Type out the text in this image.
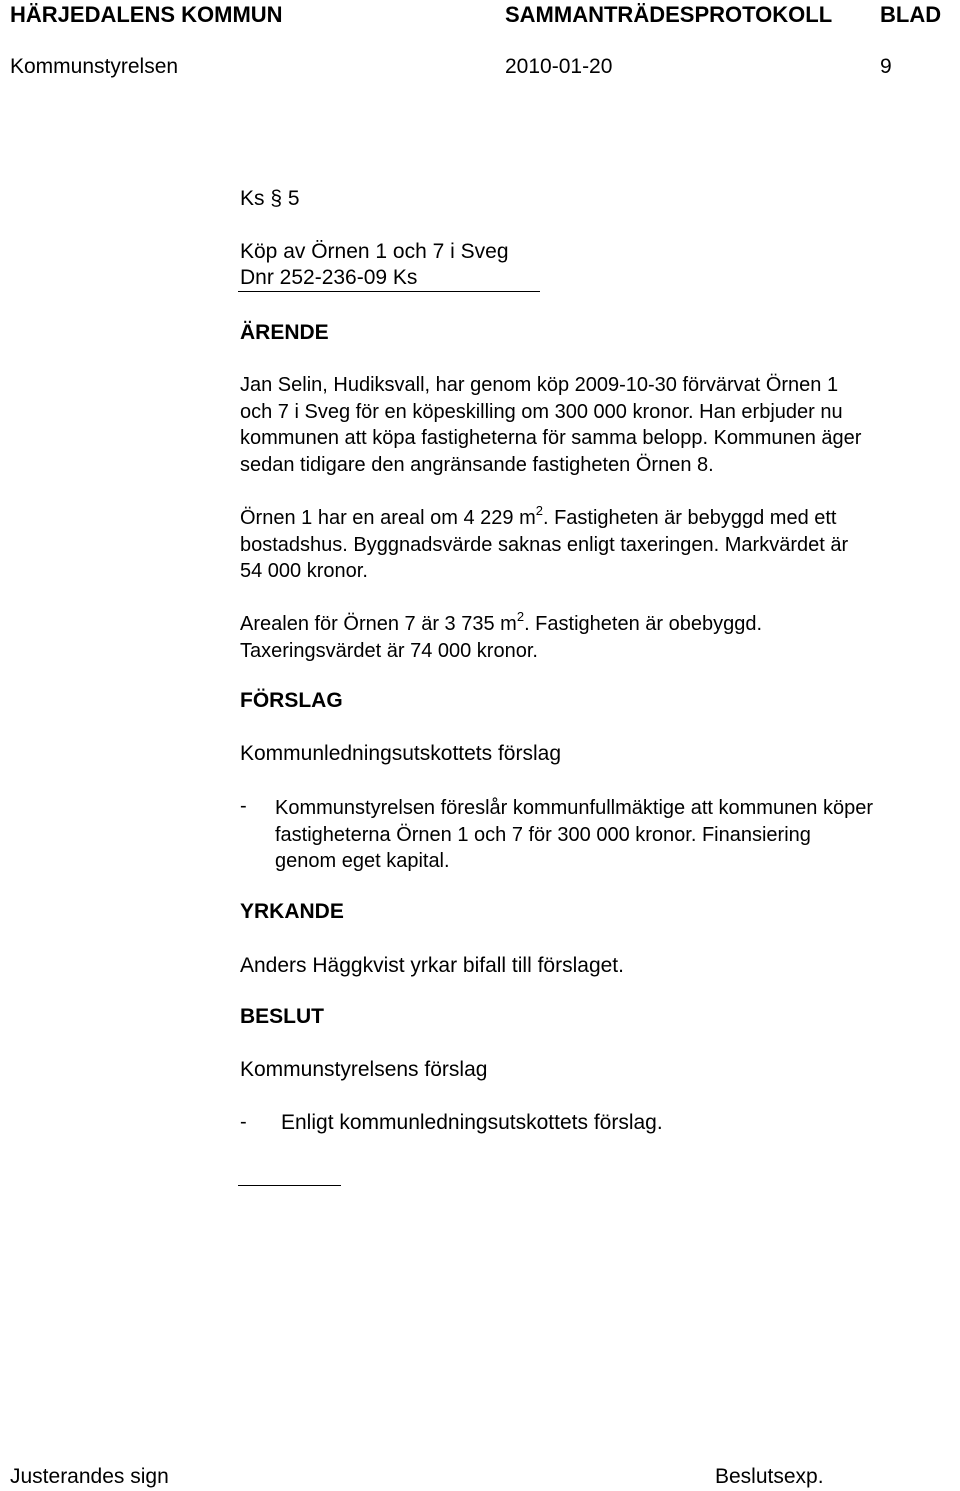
HÄRJEDALENS KOMMUN	SAMMANTRÄDESPROTOKOLL BLAD
Kommunstyrelsen	2010-01-20	9
Ks § 5
Köp av Örnen 1 och 7 i Sveg
Dnr 252-236-09 Ks
ÄRENDE
Jan Selin, Hudiksvall, har genom köp 2009-10-30 förvärvat Örnen 1
och 7 i Sveg för en köpeskilling om 300 000 kronor. Han erbjuder nu
kommunen att köpa fastigheterna för samma belopp. Kommunen äger
sedan tidigare den angränsande fastigheten Örnen 8.
Örnen 1 har en areal om 4 229 $m^2$. Fastigheten är bebyggd med ett
bostadshus. Byggnadsvärde saknas enligt taxeringen. Markvärdet är
54 000 kronor.
Arealen för Örnen 7 är 3 735 $m^2$. Fastigheten är obebyggd.
Taxeringsvärdet är 74 000 kronor.
FÖRSLAG
Kommunledningsutskottets förslag
- Kommunstyrelsen föreslår kommunfullmäktige att kommunen köper
fastigheterna Örnen 1 och 7 för 300 000 kronor. Finansiering
genom eget kapital.
YRKANDE
Anders Häggkvist yrkar bifall till förslaget.
BESLUT
Kommunstyrelsens förslag
- Enligt kommunledningsutskottets förslag.
Justerandes sign	Beslutsexp.
